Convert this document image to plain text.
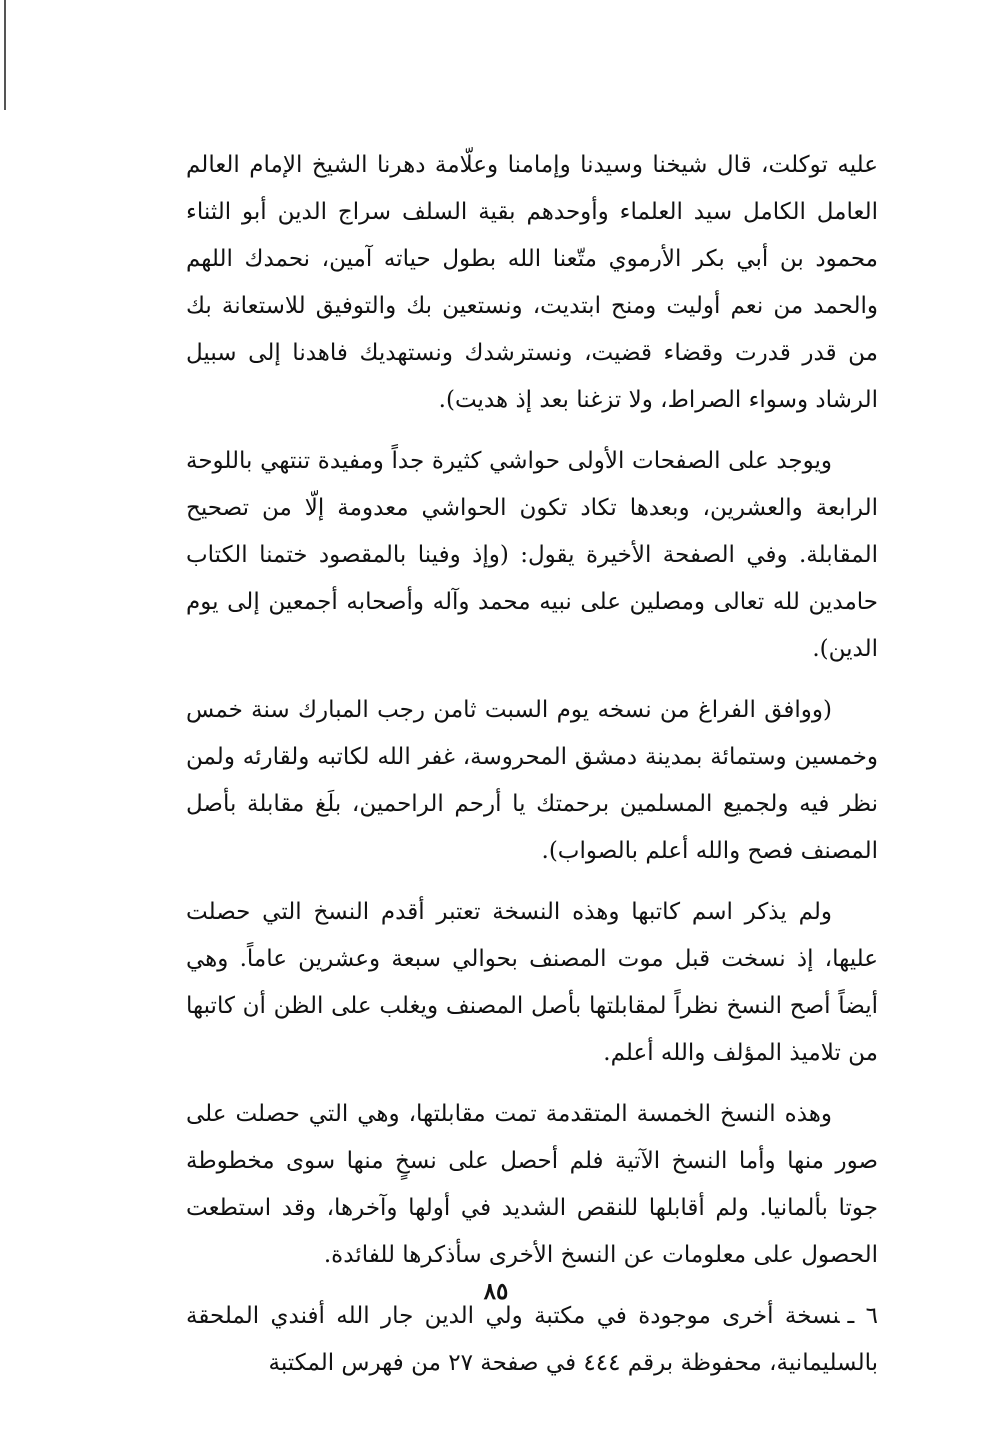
عليه توكلت، قال شيخنا وسيدنا وإمامنا وعلّامة دهرنا الشيخ الإمام العالم العامل الكامل سيد العلماء وأوحدهم بقية السلف سراج الدين أبو الثناء محمود بن أبي بكر الأرموي متّعنا الله بطول حياته آمين، نحمدك اللهم والحمد من نعم أوليت ومنح ابتديت، ونستعين بك والتوفيق للاستعانة بك من قدر قدرت وقضاء قضيت، ونسترشدك ونستهديك فاهدنا إلى سبيل الرشاد وسواء الصراط، ولا تزغنا بعد إذ هديت).

ويوجد على الصفحات الأولى حواشي كثيرة جداً ومفيدة تنتهي باللوحة الرابعة والعشرين، وبعدها تكاد تكون الحواشي معدومة إلّا من تصحيح المقابلة. وفي الصفحة الأخيرة يقول: (وإذ وفينا بالمقصود ختمنا الكتاب حامدين لله تعالى ومصلين على نبيه محمد وآله وأصحابه أجمعين إلى يوم الدين).

(ووافق الفراغ من نسخه يوم السبت ثامن رجب المبارك سنة خمس وخمسين وستمائة بمدينة دمشق المحروسة، غفر الله لكاتبه ولقارئه ولمن نظر فيه ولجميع المسلمين برحمتك يا أرحم الراحمين، بلَغ مقابلة بأصل المصنف فصح والله أعلم بالصواب).

ولم يذكر اسم كاتبها وهذه النسخة تعتبر أقدم النسخ التي حصلت عليها، إذ نسخت قبل موت المصنف بحوالي سبعة وعشرين عاماً. وهي أيضاً أصح النسخ نظراً لمقابلتها بأصل المصنف ويغلب على الظن أن كاتبها من تلاميذ المؤلف والله أعلم.

وهذه النسخ الخمسة المتقدمة تمت مقابلتها، وهي التي حصلت على صور منها وأما النسخ الآتية فلم أحصل على نسخٍ منها سوى مخطوطة جوتا بألمانيا. ولم أقابلها للنقص الشديد في أولها وآخرها، وقد استطعت الحصول على معلومات عن النسخ الأخرى سأذكرها للفائدة.

٦ ـنسخة أخرى موجودة في مكتبة ولي الدين جار الله أفندي الملحقة بالسليمانية، محفوظة برقم ٤٤٤ في صفحة ٢٧ من فهرس المكتبة

٨٥
